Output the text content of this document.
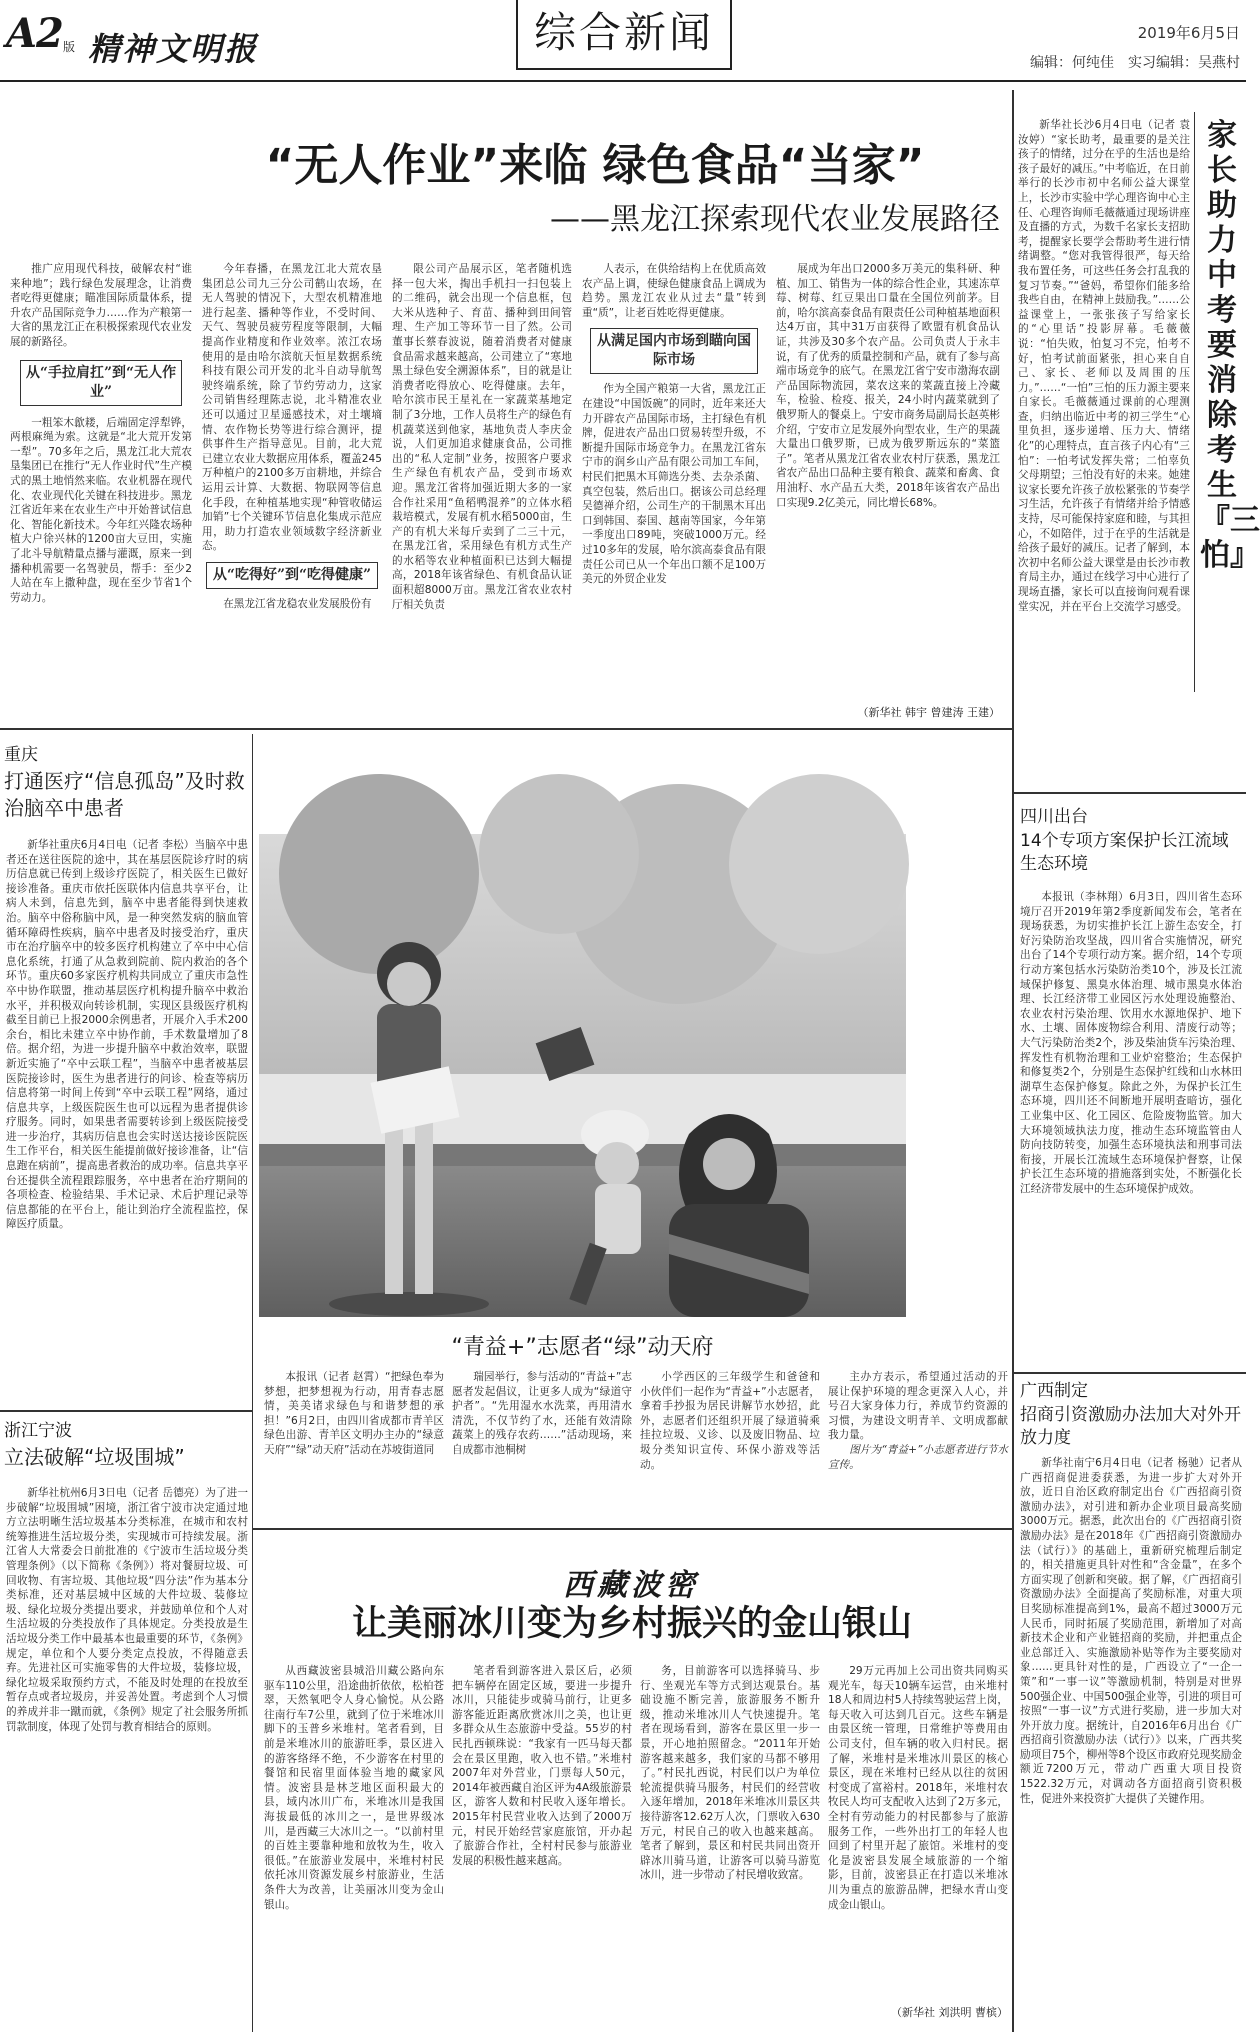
A2 版 精神文明报	综合新闻	2019年6月5日
编辑：何纯佳　实习编辑：吴燕村
“无人作业”来临 绿色食品“当家”
——黑龙江探索现代农业发展路径

推广应用现代科技，破解农村“谁来种地”；践行绿色发展理念，让消费者吃得更健康；瞄准国际质量体系，提升农产品国际竞争力……作为产粮第一大省的黑龙江正在积极探索现代农业发展的新路径。

从“手拉肩扛”到“无人作业”

一粗笨木歙耧，后端固定浮犁铧，两根麻绳为索。这就是“北大荒开发第一犁”。70多年之后，黑龙江北大荒农垦集团已在推行“无人作业时代”生产模式的黑土地悄然来临。农业机器在现代化、农业现代化关键在科技进步。黑龙江省近年来在农业生产中开始普试信息化、智能化新技术。今年红兴隆农场种植大户徐兴林的1200亩大豆田，实施了北斗导航精量点播与灌溉，原来一到播种机需要一名驾驶员，帮手：至少2人站在车上撒种盘，现在至少节省1个劳动力。

今年春播，在黑龙江北大荒农垦集团总公司九三分公司鹤山农场，在无人驾驶的情况下，大型农机精准地进行起垄、播种等作业，不受时间、天气、驾驶员疲劳程度等限制，大幅提高作业精度和作业效率。浓江农场使用的是由哈尔滨航天恒星数据系统科技有限公司开发的北斗自动导航驾驶终端系统，除了节约劳动力，这家公司销售经理陈志说，北斗精准农业还可以通过卫星遥感技术，对土壤墒情、农作物长势等进行综合测评，提供事件生产指导意见。目前，北大荒已建立农业大数据应用体系，覆盖245万种植户的2100多万亩耕地，并综合运用云计算、大数据、物联网等信息化手段，在种植基地实现“种管收储运加销”七个关键环节信息化集成示范应用，助力打造农业领域数字经济新业态。

从“吃得好”到“吃得健康”

在黑龙江省龙稳农业发展股份有

限公司产品展示区，笔者随机选择一包大米，掏出手机扫一扫包装上的二维码，就会出现一个信息框，包大米从选种子、育苗、播种到田间管理、生产加工等环节一目了然。公司董事长蔡春波说，随着消费者对健康食品需求越来越高，公司建立了“寒地黑土绿色安全溯源体系”，目的就是让消费者吃得放心、吃得健康。去年，哈尔滨市民王星礼在一家蔬菜基地定制了3分地，工作人员将生产的绿色有机蔬菜送到他家，基地负责人李庆金说，人们更加追求健康食品，公司推出的“私人定制”业务，按照客户要求生产绿色有机农产品，受到市场欢迎。黑龙江省将加强近期大多的一家合作社采用“鱼稻鸭混养”的立体水稻栽培模式，发展有机水稻5000亩，生产的有机大米每斤卖到了二三十元，在黑龙江省，采用绿色有机方式生产的水稻等农业种植面积已达到大幅提高，2018年该省绿色、有机食品认证面积超8000万亩。黑龙江省农业农村厅相关负责

人表示，在供给结构上在优质高效农产品上调，使绿色健康食品上调成为趋势。黑龙江农业从过去“量”转到重“质”，让老百姓吃得更健康。

从满足国内市场到瞄向国际市场

作为全国产粮第一大省，黑龙江正在建设“中国饭碗”的同时，近年来还大力开辟农产品国际市场，主打绿色有机牌，促进农产品出口贸易转型升级，不断提升国际市场竞争力。在黑龙江省东宁市的润乡山产品有限公司加工车间，村民们把黑木耳筛选分类、去杂杀菌、真空包装，然后出口。据该公司总经理吴德禅介绍，公司生产的干制黑木耳出口到韩国、泰国、越南等国家，今年第一季度出口89吨，突破1000万元。经过10多年的发展，哈尔滨高泰食品有限责任公司已从一个年出口额不足100万美元的外贸企业发

展成为年出口2000多万美元的集科研、种植、加工、销售为一体的综合性企业，其速冻草莓、树莓、红豆果出口量在全国位列前茅。目前，哈尔滨高泰食品有限责任公司种植基地面积达4万亩，其中31万亩获得了欧盟有机食品认证，共涉及30多个农产品。公司负责人于永丰说，有了优秀的质量控制和产品，就有了参与高端市场竞争的底气。在黑龙江省宁安市渤海农副产品国际物流园，菜农这来的菜蔬直接上冷藏车，检验、检疫、报关，24小时内蔬菜就到了俄罗斯人的餐桌上。宁安市商务局副局长赵英彬介绍，宁安市立足发展外向型农业，生产的果蔬大量出口俄罗斯，已成为俄罗斯远东的“菜篮子”。笔者从黑龙江省农业农村厅获悉，黑龙江省农产品出口品种主要有粮食、蔬菜和畜禽、食用油籽、水产品五大类，2018年该省农产品出口实现9.2亿美元，同比增长68%。

（新华社 韩宇 曾建涛 王建）
家长助力中考要消除考生『三怕』

新华社长沙6月4日电（记者 袁汝婷）“家长助考，最重要的是关注孩子的情绪，过分在乎的生活也是给孩子最好的减压。”中考临近，在日前举行的长沙市初中名师公益大课堂上，长沙市实验中学心理咨询中心主任、心理咨询师毛薇薇通过现场讲座及直播的方式，为数千名家长支招助考，提醒家长要学会帮助考生进行情绪调整。“您对我管得很严，每天给我布置任务，可这些任务会打乱我的复习节奏。”“爸妈，希望你们能多给我些自由，在精神上鼓励我。”……公益课堂上，一张张孩子写给家长的“心里话”投影屏幕。毛薇薇说：“怕失败，怕复习不完，怕考不好，怕考试前面紧张，担心来自自己、家长、老师以及周围的压力。”……“一怕”三怕的压力源主要来自家长。毛薇薇通过课前的心理测查，归纳出临近中考的初三学生“心里负担，逐步递增、压力大、情绪化”的心理特点，直言孩子内心有“三怕”：一怕考试发挥失常；二怕辜负父母期望；三怕没有好的未来。她建议家长要允许孩子放松紧张的节奏学习生活，允许孩子有情绪并给予情感支持，尽可能保持家庭和睦，与其担心，不如陪伴，过于在乎的生活就是给孩子最好的减压。记者了解到，本次初中名师公益大课堂是由长沙市教育局主办，通过在线学习中心进行了现场直播，家长可以直接询问观看课堂实况，并在平台上交流学习感受。

重庆
打通医疗“信息孤岛”及时救治脑卒中患者

新华社重庆6月4日电（记者 李松）当脑卒中患者还在送往医院的途中，其在基层医院诊疗时的病历信息就已传到上级诊疗医院了，相关医生已做好接诊准备。重庆市依托医联体内信息共享平台，让病人未到，信息先到，脑卒中患者能得到快速救治。脑卒中俗称脑中风，是一种突然发病的脑血管循环障碍性疾病，脑卒中患者及时接受治疗，重庆市在治疗脑卒中的较多医疗机构建立了卒中中心信息化系统，打通了从急救到院前、院内救治的各个环节。重庆60多家医疗机构共同成立了重庆市急性卒中协作联盟，推动基层医疗机构提升脑卒中救治水平，并积极双向转诊机制，实现区县级医疗机构截至目前已上报2000余例患者，开展介入手术200余台，相比未建立卒中协作前，手术数量增加了8倍。据介绍，为进一步提升脑卒中救治效率，联盟新近实施了“卒中云联工程”，当脑卒中患者被基层医院接诊时，医生为患者进行的问诊、检查等病历信息将第一时间上传到“卒中云联工程”网络，通过信息共享，上级医院医生也可以远程为患者提供诊疗服务。同时，如果患者需要转诊到上级医院接受进一步治疗，其病历信息也会实时送达接诊医院医生工作平台，相关医生能提前做好接诊准备，让“信息跑在病前”，提高患者救治的成功率。信息共享平台还提供全流程跟踪服务，卒中患者在治疗期间的各项检查、检验结果、手术记录、术后护理记录等信息都能的在平台上，能让到治疗全流程监控，保障医疗质量。

浙江宁波
立法破解“垃圾围城”

新华社杭州6月3日电（记者 岳德亮）为了进一步破解“垃圾围城”困境，浙江省宁波市决定通过地方立法明晰生活垃圾基本分类标准，在城市和农村统筹推进生活垃圾分类，实现城市可持续发展。浙江省人大常委会日前批准的《宁波市生活垃圾分类管理条例》（以下简称《条例》）将对餐厨垃圾、可回收物、有害垃圾、其他垃圾“四分法”作为基本分类标准，还对基层城中区域的大件垃圾、装修垃圾、绿化垃圾分类提出要求，并鼓励单位和个人对生活垃圾的分类投放作了具体规定。分类投放是生活垃圾分类工作中最基本也最重要的环节，《条例》规定，单位和个人要分类定点投放，不得随意丢弃。先进社区可实施零售的大件垃圾，装修垃圾，绿化垃圾采取预约方式，不能及时处理的在投放至暂存点或者垃圾房，并妥善处置。考虑到个人习惯的养成并非一蹴而就，《条例》规定了社会服务所抓罚款制度，体现了处罚与教育相结合的原则。

“青益+”志愿者“绿”动天府

本报讯（记者 赵霄）“把绿色奉为梦想，把梦想视为行动，用青春志愿情，美美诸求绿色与和谐梦想的承担！”6月2日，由四川省成都市青羊区绿色出游、青羊区文明办主办的“绿意天府”“绿”动天府”活动在苏坡街道同

瑞园举行，参与活动的“青益+”志愿者发起倡议，让更多人成为“绿道守护者”。“先用湿水水洗菜，再用清水清洗，不仅节约了水，还能有效清除蔬菜上的残存农药……”活动现场，来自成都市池桐树

小学西区的三年级学生和爸爸和小伙伴们一起作为“青益+”小志愿者，拿着手抄报为居民讲解节水妙招，此外，志愿者们还组织开展了绿道骑乘挂拉垃圾、义诊、以及废旧物品、垃圾分类知识宣传、环保小游戏等活动。

主办方表示，希望通过活动的开展让保护环境的理念更深入人心，并号召大家身体力行，养成节约资源的习惯，为建设文明青羊、文明成都献我力量。

图片为“青益+”小志愿者进行节水宣传。

四川出台
14个专项方案保护长江流域生态环境

本报讯（李林翔）6月3日，四川省生态环境厅召开2019年第2季度新闻发布会，笔者在现场获悉，为切实推护长江上游生态安全，打好污染防治攻坚战，四川省合实施情况，研究出台了14个专项行动方案。据介绍，14个专项行动方案包括水污染防治类10个，涉及长江流域保护修复、黑臭水体治理、城市黑臭水体治理、长江经济带工业园区污水处理设施整治、农业农村污染治理、饮用水水源地保护、地下水、土壤、固体废物综合利用、清废行动等；大气污染防治类2个，涉及柴油货车污染治理、挥发性有机物治理和工业炉窑整治；生态保护和修复类2个，分别是生态保护红线和山水林田湖草生态保护修复。除此之外，为保护长江生态环境，四川还不间断地开展明查暗访，强化工业集中区、化工园区、危险废物监管。加大大环境领域执法力度，推动生态环境监管由人防向技防转变，加强生态环境执法和刑事司法衔接，开展长江流域生态环境保护督察，让保护长江生态环境的措施落到实处，不断强化长江经济带发展中的生态环境保护成效。

广西制定
招商引资激励办法加大对外开放力度

新华社南宁6月4日电（记者 杨驰）记者从广西招商促进委获悉，为进一步扩大对外开放，近日自治区政府制定出台《广西招商引资激励办法》，对引进和新办企业项目最高奖励3000万元。据悉，此次出台的《广西招商引资激励办法》是在2018年《广西招商引资激励办法（试行）》的基础上，重新研究梳理后制定的，相关措施更具针对性和“含金量”，在多个方面实现了创新和突破。据了解，《广西招商引资激励办法》全面提高了奖励标准，对重大项目奖励标准提高到1%，最高不超过3000万元人民币，同时拓展了奖励范围，新增加了对高新技术企业和产业链招商的奖励，并把重点企业总部迁入、实施激励补贴等作为主要奖励对象……更具针对性的是，广西设立了“一企一策”和“一事一议”等激励机制，特别是对世界500强企业、中国500强企业等，引进的项目可按照“一事一议”方式进行奖励，进一步加大对外开放力度。据统计，自2016年6月出台《广西招商引资激励办法（试行）》以来，广西共奖励项目75个，柳州等8个设区市政府兑现奖励金额近7200万元，带动广西重大项目投资1522.32万元，对调动各方面招商引资积极性，促进外来投资扩大提供了关键作用。

西藏波密
让美丽冰川变为乡村振兴的金山银山

从西藏波密县城沿川藏公路向东驱车110公里，沿途曲折依依，松柏苍翠，天然氧吧令人身心愉悦。从公路往南行车7公里，就到了位于米堆冰川脚下的玉普乡米堆村。笔者看到，目前是米堆冰川的旅游旺季，景区进入的游客络绎不绝，不少游客在村里的餐馆和民宿里面体验当地的藏家风情。波密县是林芝地区面积最大的县，域内冰川广布，米堆冰川是我国海拔最低的冰川之一，是世界级冰川，是西藏三大冰川之一。“以前村里的百姓主要靠种地和放牧为生，收入很低。”在旅游业发展中，米堆村村民依托冰川资源发展乡村旅游业，生活条件大为改善，让美丽冰川变为金山银山。

笔者看到游客进入景区后，必须把车辆停在固定区域，要进一步提升冰川，只能徒步或骑马前行，让更多游客能近距离欣赏冰川之美，也让更多群众从生态旅游中受益。55岁的村民扎西顿珠说：“我家有一匹马每天都会在景区里跑，收入也不错。”米堆村2007年对外营业，门票每人50元，2014年被西藏自治区评为4A级旅游景区，游客人数和村民收入逐年增长。2015年村民营业收入达到了2000万元，村民开始经营家庭旅馆，开办起了旅游合作社，全村村民参与旅游业发展的积极性越来越高。

务，目前游客可以选择骑马、步行、坐观光车等方式到达观景台。基础设施不断完善，旅游服务不断升级，推动米堆冰川人气快速提升。笔者在现场看到，游客在景区里一步一景，开心地拍照留念。“2011年开始游客越来越多，我们家的马都不够用了。”村民扎西说，村民们以户为单位轮流提供骑马服务，村民们的经营收入逐年增加，2018年米堆冰川景区共接待游客12.62万人次，门票收入630万元，村民自己的收入也越来越高。笔者了解到，景区和村民共同出资开辟冰川骑马道，让游客可以骑马游览冰川，进一步带动了村民增收致富。

29万元再加上公司出资共同购买观光车，每天10辆车运营，由米堆村18人和周边村5人持续驾驶运营上岗，每天收入可达到几百元。这些车辆是由景区统一管理，日常维护等费用由公司支付，但车辆的收入归村民。据了解，米堆村是米堆冰川景区的核心景区，现在米堆村已经从以往的贫困村变成了富裕村。2018年，米堆村农牧民人均可支配收入达到了2万多元，全村有劳动能力的村民都参与了旅游服务工作，一些外出打工的年轻人也回到了村里开起了旅馆。米堆村的变化是波密县发展全域旅游的一个缩影，目前，波密县正在打造以米堆冰川为重点的旅游品牌，把绿水青山变成金山银山。

（新华社 刘洪明 曹槟）
